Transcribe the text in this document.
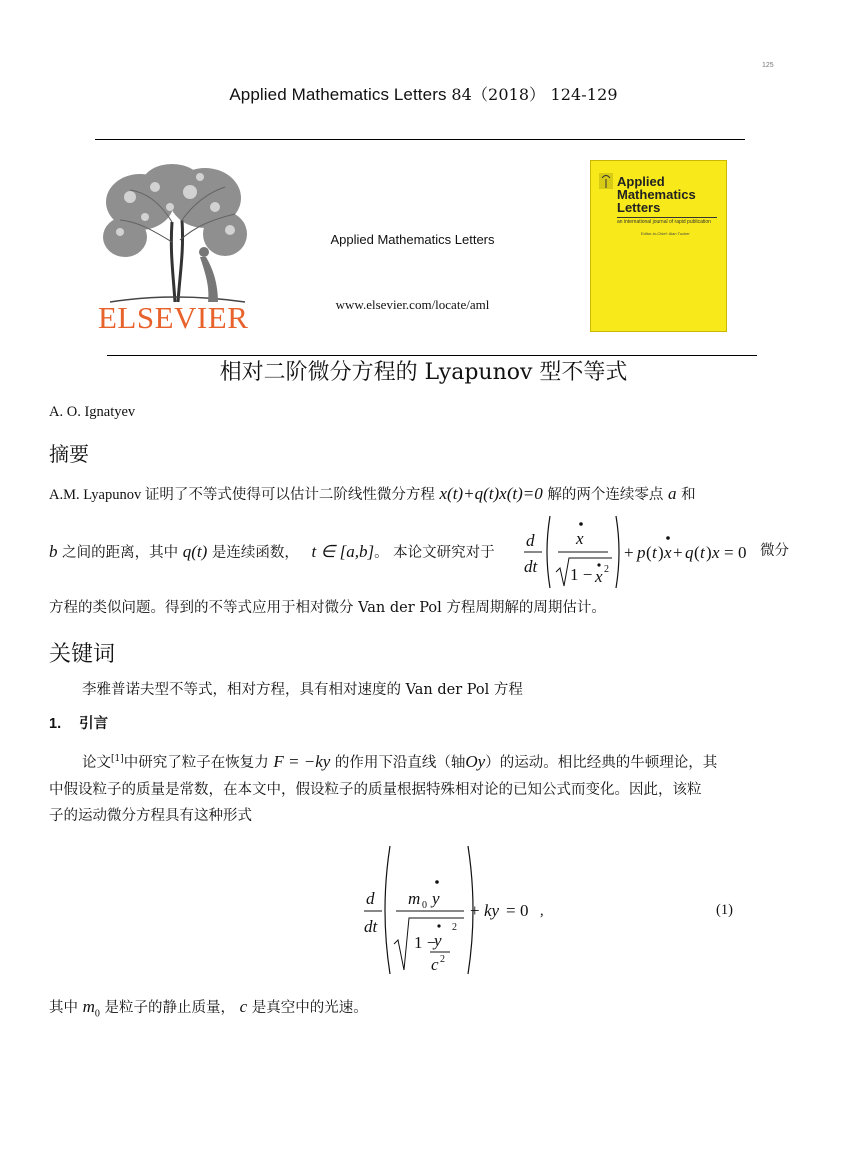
125
Applied Mathematics Letters 84（2018） 124-129
ELSEVIER
Applied Mathematics Letters
www.elsevier.com/locate/aml
Applied
Mathematics
Letters
an international journal of rapid publication
Editor-in-Chief: Alan Tucker
相对二阶微分方程的 Lyapunov 型不等式
A. O. Ignatyev
摘要
A.M. Lyapunov 证明了不等式使得可以估计二阶线性微分方程 x(t)+q(t)x(t)=0 解的两个连续零点 a 和
b 之间的距离，其中 q(t) 是连续函数， t ∈ [a,b]。 本论文研究对于
d
dt
x
1 − x 2
+ p ( t ) x + q ( t ) x = 0 微分
方程的类似问题。得到的不等式应用于相对微分 Van der Pol 方程周期解的周期估计。
关键词
李雅普诺夫型不等式，相对方程，具有相对速度的 Van der Pol 方程
1. 引言
论文[1]中研究了粒子在恢复力 F = −ky 的作用下沿直线（轴Oy）的运动。相比经典的牛顿理论，其
中假设粒子的质量是常数，在本文中，假设粒子的质量根据特殊相对论的已知公式而变化。因此，该粒
子的运动微分方程具有这种形式
d
dt
m 0 y
1 −
y
2
c 2
+ ky = 0 ,	(1)
其中 $m_0$ 是粒子的静止质量， c 是真空中的光速。
